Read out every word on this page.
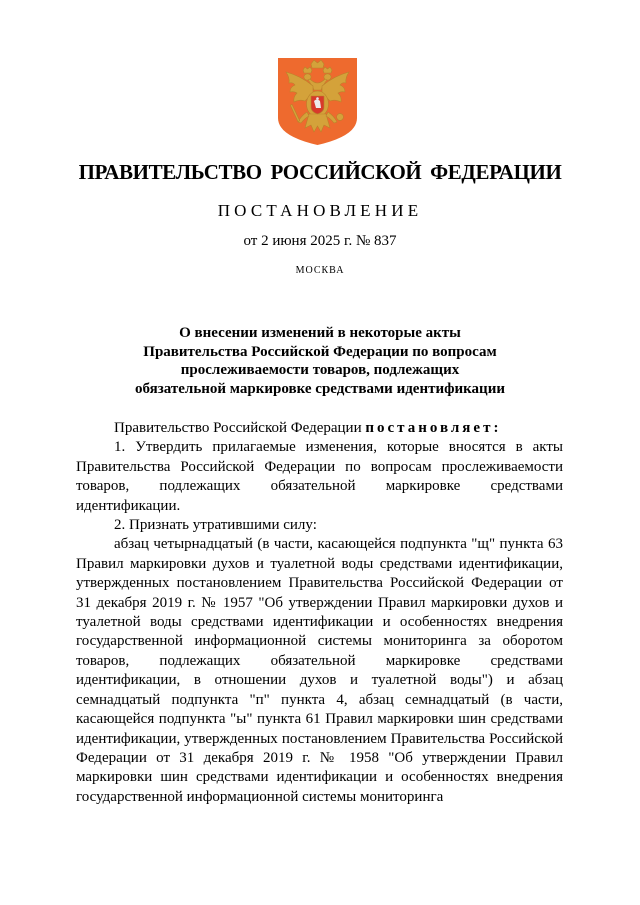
ПРАВИТЕЛЬСТВО РОССИЙСКОЙ ФЕДЕРАЦИИ
ПОСТАНОВЛЕНИЕ
от 2 июня 2025 г. № 837
МОСКВА
О внесении изменений в некоторые акты
Правительства Российской Федерации по вопросам
прослеживаемости товаров, подлежащих
обязательной маркировке средствами идентификации

Правительство Российской Федерации постановляет:

1. Утвердить прилагаемые изменения, которые вносятся в акты Правительства Российской Федерации по вопросам прослеживаемости товаров, подлежащих обязательной маркировке средствами идентификации.

2. Признать утратившими силу:

абзац четырнадцатый (в части, касающейся подпункта "щ" пункта 63 Правил маркировки духов и туалетной воды средствами идентификации, утвержденных постановлением Правительства Российской Федерации от 31 декабря 2019 г. № 1957 "Об утверждении Правил маркировки духов и туалетной воды средствами идентификации и особенностях внедрения государственной информационной системы мониторинга за оборотом товаров, подлежащих обязательной маркировке средствами идентификации, в отношении духов и туалетной воды") и абзац семнадцатый подпункта "п" пункта 4, абзац семнадцатый (в части, касающейся подпункта "ы" пункта 61 Правил маркировки шин средствами идентификации, утвержденных постановлением Правительства Российской Федерации от 31 декабря 2019 г. № 1958 "Об утверждении Правил маркировки шин средствами идентификации и особенностях внедрения государственной информационной системы мониторинга
